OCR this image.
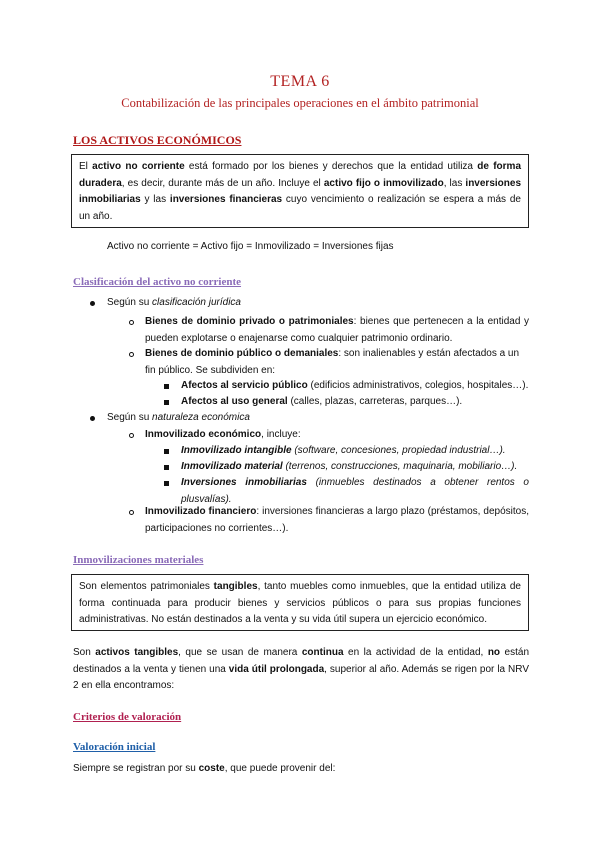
TEMA 6
Contabilización de las principales operaciones en el ámbito patrimonial
LOS ACTIVOS ECONÓMICOS
El activo no corriente está formado por los bienes y derechos que la entidad utiliza de forma duradera, es decir, durante más de un año. Incluye el activo fijo o inmovilizado, las inversiones inmobiliarias y las inversiones financieras cuyo vencimiento o realización se espera a más de un año.
Activo no corriente = Activo fijo = Inmovilizado = Inversiones fijas
Clasificación del activo no corriente
Según su clasificación jurídica
Bienes de dominio privado o patrimoniales: bienes que pertenecen a la entidad y pueden explotarse o enajenarse como cualquier patrimonio ordinario.
Bienes de dominio público o demaniales: son inalienables y están afectados a un fin público. Se subdividen en:
Afectos al servicio público (edificios administrativos, colegios, hospitales…).
Afectos al uso general (calles, plazas, carreteras, parques…).
Según su naturaleza económica
Inmovilizado económico, incluye:
Inmovilizado intangible (software, concesiones, propiedad industrial…).
Inmovilizado material (terrenos, construcciones, maquinaria, mobiliario…).
Inversiones inmobiliarias (inmuebles destinados a obtener rentos o plusvalías).
Inmovilizado financiero: inversiones financieras a largo plazo (préstamos, depósitos, participaciones no corrientes…).
Inmovilizaciones materiales
Son elementos patrimoniales tangibles, tanto muebles como inmuebles, que la entidad utiliza de forma continuada para producir bienes y servicios públicos o para sus propias funciones administrativas. No están destinados a la venta y su vida útil supera un ejercicio económico.
Son activos tangibles, que se usan de manera continua en la actividad de la entidad, no están destinados a la venta y tienen una vida útil prolongada, superior al año. Además se rigen por la NRV 2 en ella encontramos:
Criterios de valoración
Valoración inicial
Siempre se registran por su coste, que puede provenir del:
